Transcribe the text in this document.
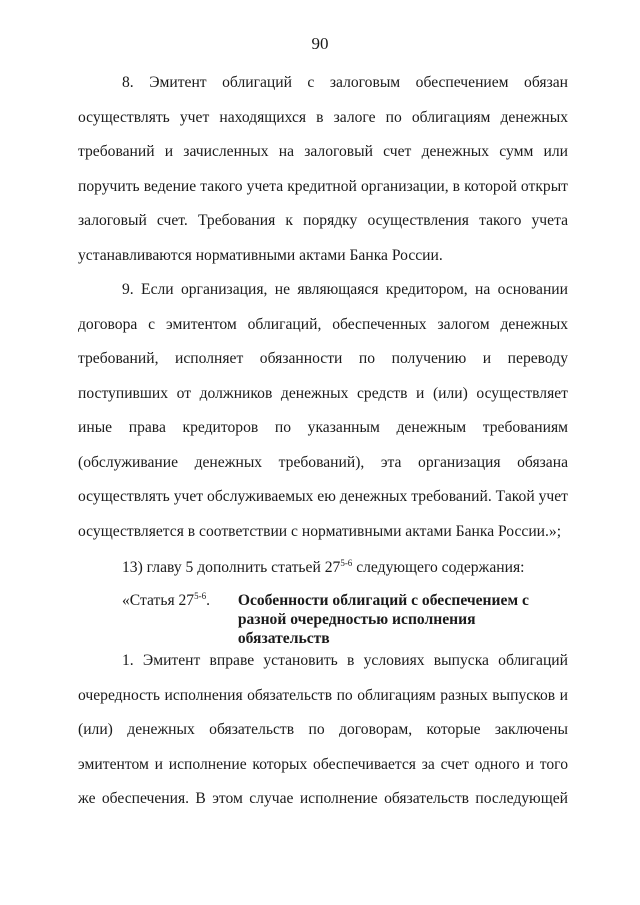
90

8. Эмитент облигаций с залоговым обеспечением обязан осуществлять учет находящихся в залоге по облигациям денежных требований и зачисленных на залоговый счет денежных сумм или поручить ведение такого учета кредитной организации, в которой открыт залоговый счет. Требования к порядку осуществления такого учета устанавливаются нормативными актами Банка России.

9. Если организация, не являющаяся кредитором, на основании договора с эмитентом облигаций, обеспеченных залогом денежных требований, исполняет обязанности по получению и переводу поступивших от должников денежных средств и (или) осуществляет иные права кредиторов по указанным денежным требованиям (обслуживание денежных требований), эта организация обязана осуществлять учет обслуживаемых ею денежных требований. Такой учет осуществляется в соответствии с нормативными актами Банка России.»;

13) главу 5 дополнить статьей 27$^{5-6}$ следующего содержания:

«Статья 27$^{5-6}$.	Особенности облигаций с обеспечением с
разной очередностью исполнения обязательств

1. Эмитент вправе установить в условиях выпуска облигаций очередность исполнения обязательств по облигациям разных выпусков и (или) денежных обязательств по договорам, которые заключены эмитентом и исполнение которых обеспечивается за счет одного и того же обеспечения. В этом случае исполнение обязательств последующей
